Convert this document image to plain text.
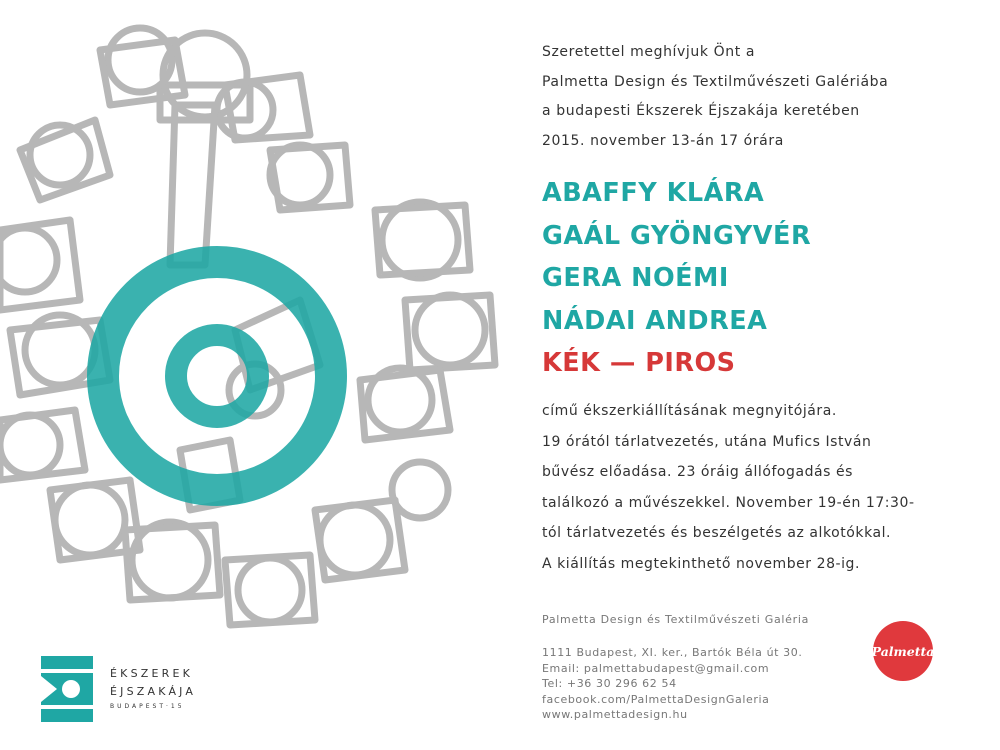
Szeretettel meghívjuk Önt a
Palmetta Design és Textilművészeti Galériába
a budapesti Ékszerek Éjszakája keretében
2015. november 13-án 17 órára
ABAFFY KLÁRA
GAÁL GYÖNGYVÉR
GERA NOÉMI
NÁDAI ANDREA
KÉK — PIROS
című ékszerkiállításának megnyitójára.
19 órától tárlatvezetés, utána Mufics István
bűvész előadása. 23 óráig állófogadás és
találkozó a művészekkel. November 19-én 17:30-
tól tárlatvezetés és beszélgetés az alkotókkal.
A kiállítás megtekinthető november 28-ig.
Palmetta Design és Textilművészeti Galéria
1111 Budapest, XI. ker., Bartók Béla út 30.
Email: palmettabudapest@gmail.com
Tel: +36 30 296 62 54
facebook.com/PalmettaDesignGaleria
www.palmettadesign.hu
Palmetta
ÉKSZEREK
ÉJSZAKÁJA
BUDAPEST·15
